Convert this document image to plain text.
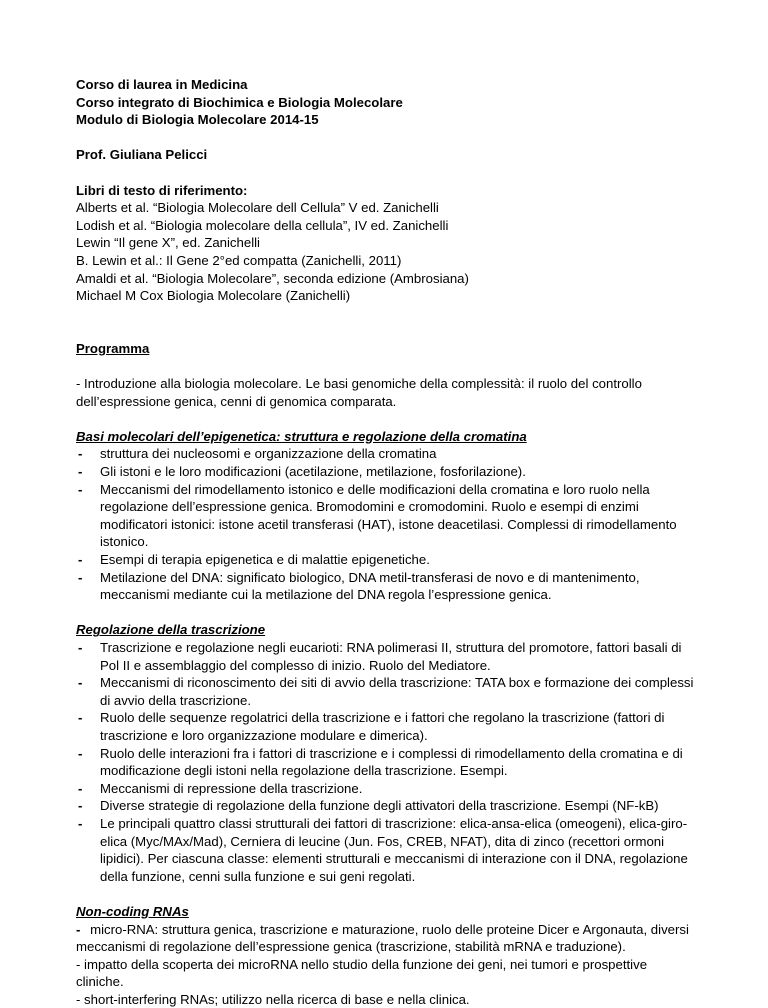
Corso di laurea in Medicina
Corso integrato di Biochimica e Biologia Molecolare
Modulo di Biologia Molecolare 2014-15
Prof. Giuliana Pelicci
Libri di testo di riferimento:
Alberts et al. “Biologia Molecolare dell Cellula” V ed. Zanichelli
Lodish et al. “Biologia molecolare della cellula”, IV ed. Zanichelli
Lewin “Il gene X”, ed. Zanichelli
B. Lewin et al.: Il Gene 2°ed compatta (Zanichelli, 2011)
Amaldi et al. “Biologia Molecolare”, seconda edizione (Ambrosiana)
Michael M Cox Biologia Molecolare (Zanichelli)
Programma
- Introduzione alla biologia molecolare. Le basi genomiche della complessità: il ruolo del controllo dell’espressione genica, cenni di genomica comparata.
Basi molecolari dell’epigenetica: struttura e regolazione della cromatina
- struttura dei nucleosomi e organizzazione della cromatina
- Gli istoni e le loro modificazioni (acetilazione, metilazione, fosforilazione).
- Meccanismi del rimodellamento istonico e delle modificazioni della cromatina e loro ruolo nella regolazione dell’espressione genica. Bromodomini e cromodomini. Ruolo e esempi di enzimi modificatori istonici: istone acetil transferasi (HAT), istone deacetilasi. Complessi di rimodellamento istonico.
- Esempi di terapia epigenetica e di malattie epigenetiche.
- Metilazione del DNA: significato biologico, DNA metil-transferasi de novo e di mantenimento, meccanismi mediante cui la metilazione del DNA regola l’espressione genica.
Regolazione della trascrizione
- Trascrizione e regolazione negli eucarioti: RNA polimerasi II, struttura del promotore, fattori basali di Pol II e assemblaggio del complesso di inizio. Ruolo del Mediatore.
- Meccanismi di riconoscimento dei siti di avvio della trascrizione: TATA box e formazione dei complessi di avvio della trascrizione.
- Ruolo delle sequenze regolatrici della trascrizione e i fattori che regolano la trascrizione (fattori di trascrizione e loro organizzazione modulare e dimerica).
- Ruolo delle interazioni fra i fattori di trascrizione e i complessi di rimodellamento della cromatina e di modificazione degli istoni nella regolazione della trascrizione. Esempi.
- Meccanismi di repressione della trascrizione.
- Diverse strategie di regolazione della funzione degli attivatori della trascrizione. Esempi (NF-kB)
- Le principali quattro classi strutturali dei fattori di trascrizione: elica-ansa-elica (omeogeni), elica-giro-elica (Myc/MAx/Mad), Cerniera di leucine (Jun. Fos, CREB, NFAT), dita di zinco (recettori ormoni lipidici). Per ciascuna classe: elementi strutturali e meccanismi di interazione con il DNA, regolazione della funzione, cenni sulla funzione e sui geni regolati.
Non-coding RNAs
- micro-RNA: struttura genica, trascrizione e maturazione, ruolo delle proteine Dicer e Argonauta, diversi meccanismi di regolazione dell’espressione genica (trascrizione, stabilità mRNA e traduzione).
- impatto della scoperta dei microRNA nello studio della funzione dei geni, nei tumori e prospettive cliniche.
- short-interfering RNAs; utilizzo nella ricerca di base e nella clinica.
